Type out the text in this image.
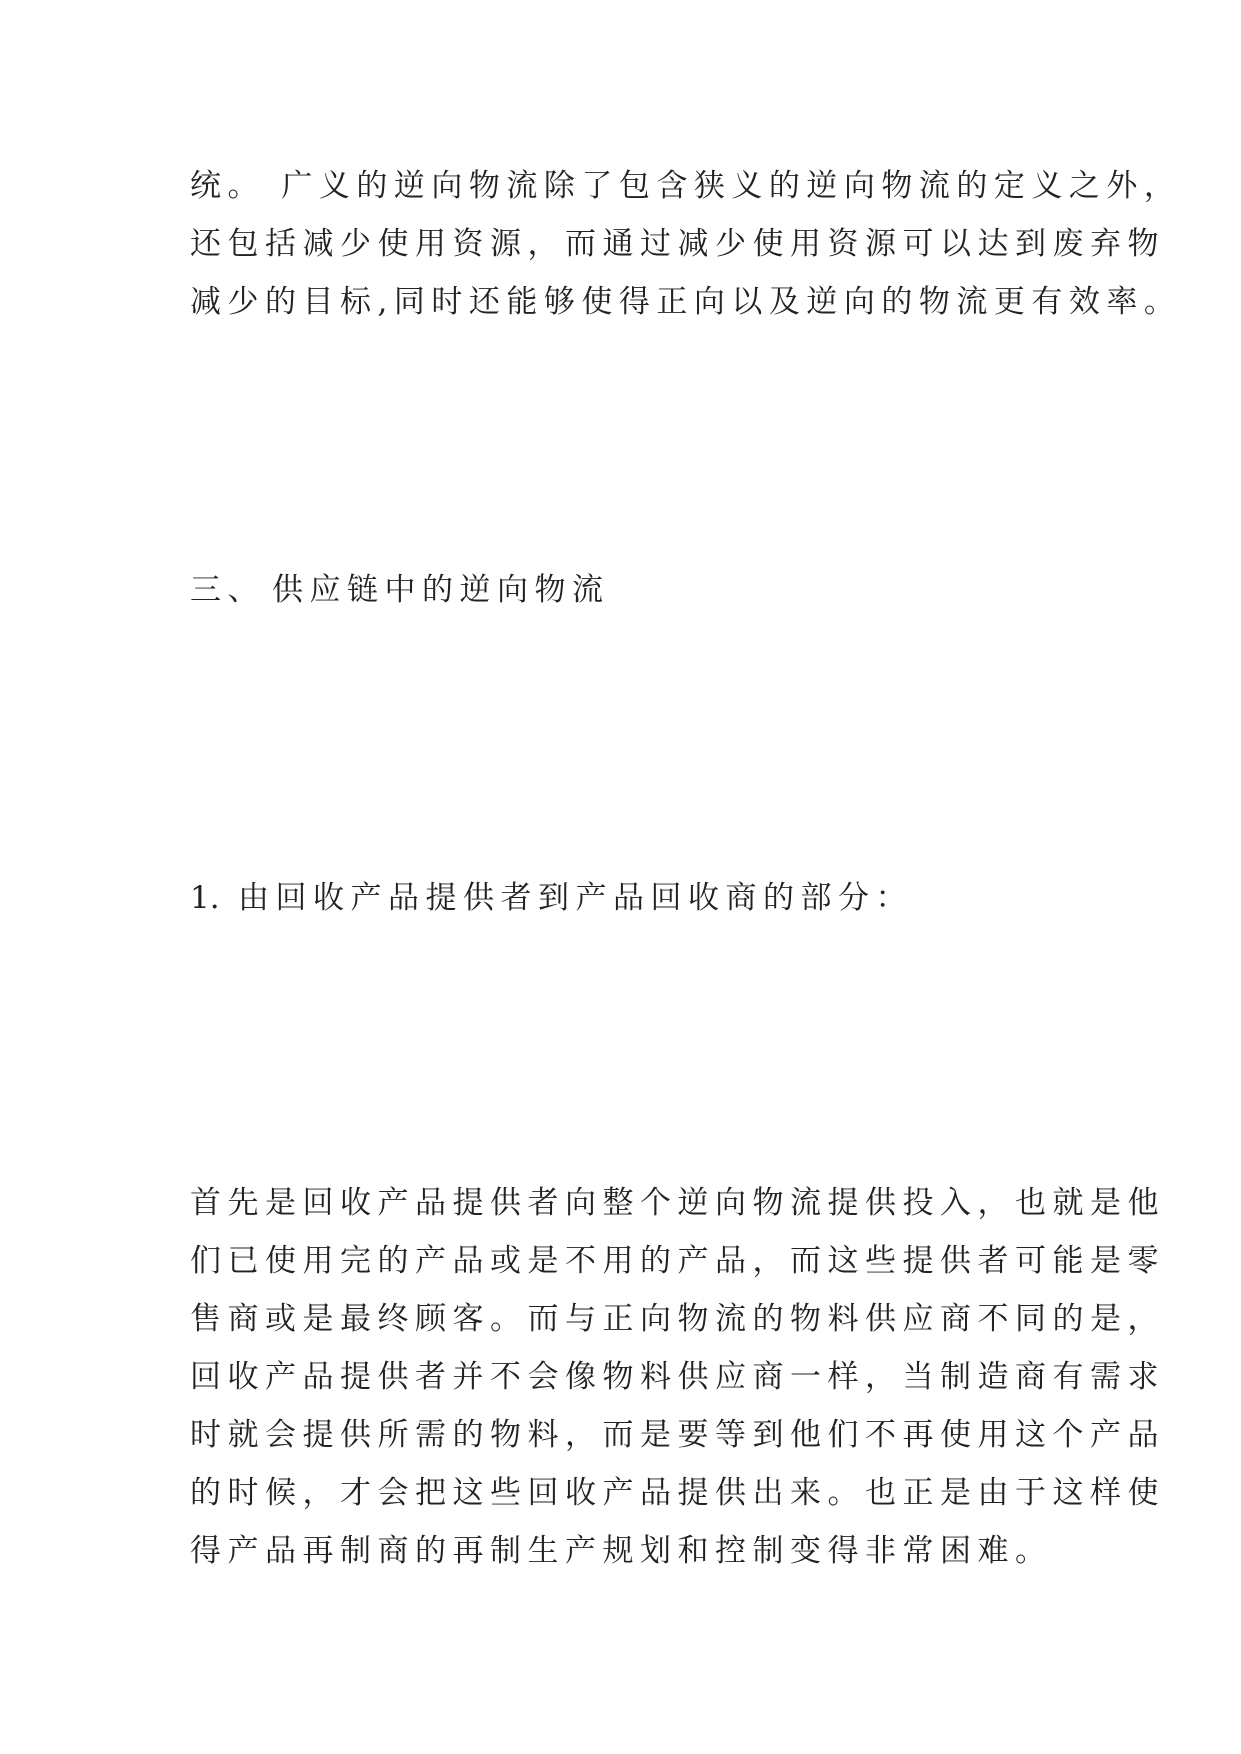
统。 广义的逆向物流除了包含狭义的逆向物流的定义之外，

还包括减少使用资源，而通过减少使用资源可以达到废弃物

减少的目标,同时还能够使得正向以及逆向的物流更有效率。

三、 供应链中的逆向物流
1. 由回收产品提供者到产品回收商的部分：

首先是回收产品提供者向整个逆向物流提供投入，也就是他

们已使用完的产品或是不用的产品，而这些提供者可能是零

售商或是最终顾客。而与正向物流的物料供应商不同的是，

回收产品提供者并不会像物料供应商一样，当制造商有需求

时就会提供所需的物料，而是要等到他们不再使用这个产品

的时候，才会把这些回收产品提供出来。也正是由于这样使

得产品再制商的再制生产规划和控制变得非常困难。
